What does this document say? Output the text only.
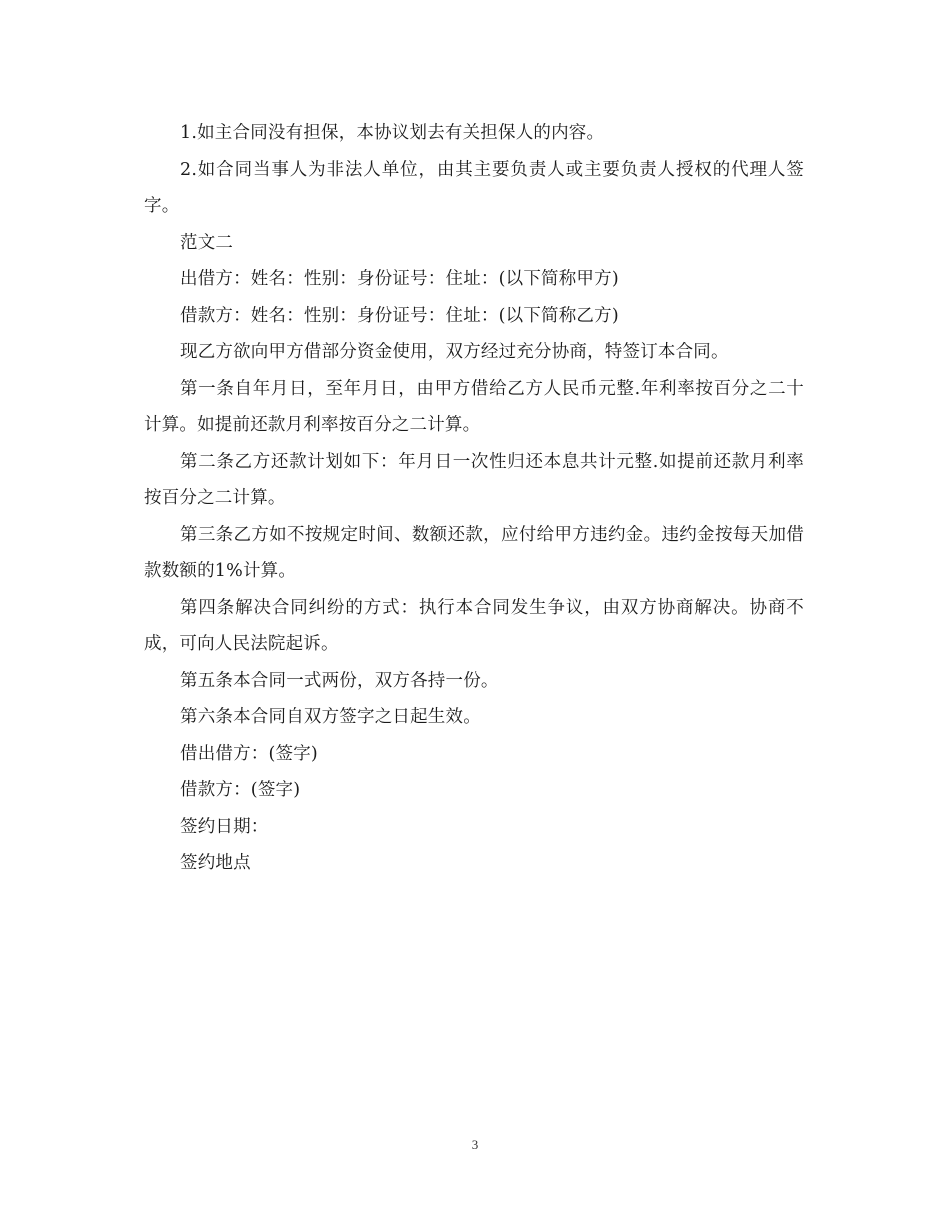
1.如主合同没有担保，本协议划去有关担保人的内容。

2.如合同当事人为非法人单位，由其主要负责人或主要负责人授权的代理人签字。

范文二

出借方：姓名：性别：身份证号：住址：(以下简称甲方)

借款方：姓名：性别：身份证号：住址：(以下简称乙方)

现乙方欲向甲方借部分资金使用，双方经过充分协商，特签订本合同。

第一条自年月日，至年月日，由甲方借给乙方人民币元整.年利率按百分之二十计算。如提前还款月利率按百分之二计算。

第二条乙方还款计划如下：年月日一次性归还本息共计元整.如提前还款月利率按百分之二计算。

第三条乙方如不按规定时间、数额还款，应付给甲方违约金。违约金按每天加借款数额的1%计算。

第四条解决合同纠纷的方式：执行本合同发生争议，由双方协商解决。协商不成，可向人民法院起诉。

第五条本合同一式两份，双方各持一份。

第六条本合同自双方签字之日起生效。

借出借方：(签字)

借款方：(签字)

签约日期：

签约地点

3
